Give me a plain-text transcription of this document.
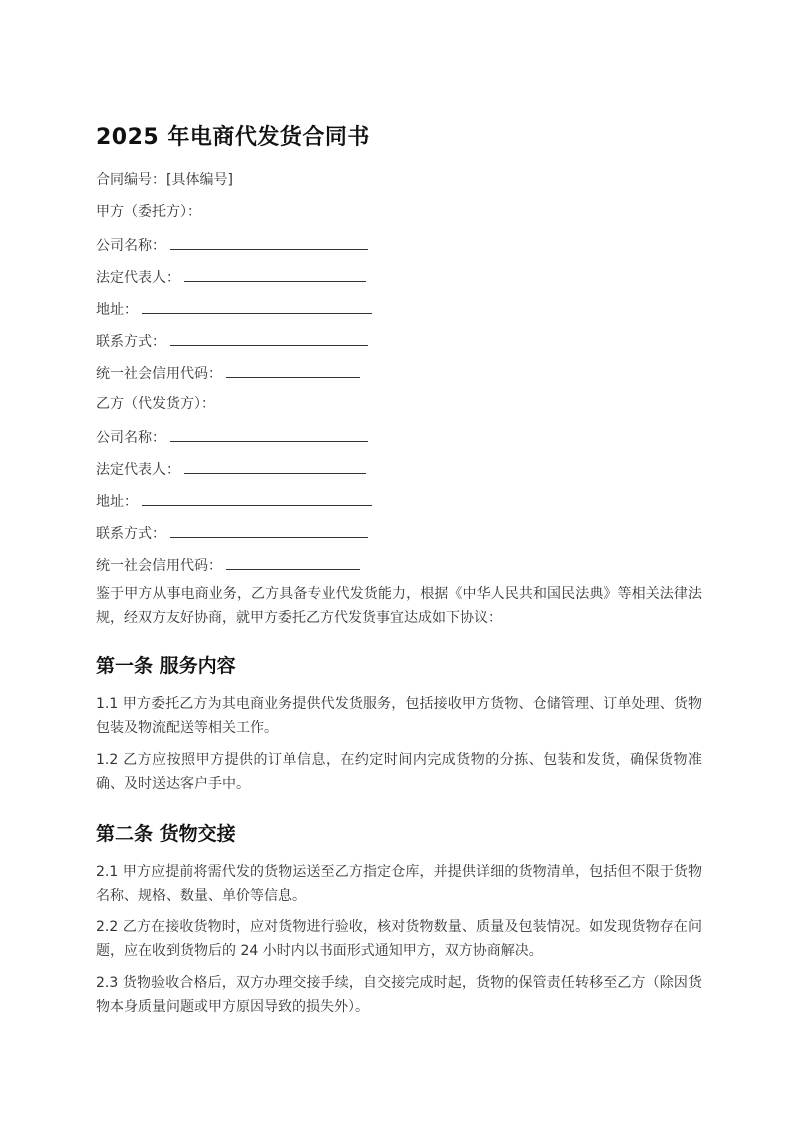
2025 年电商代发货合同书
合同编号：[具体编号]
甲方（委托方）：
公司名称：
法定代表人：
地址：
联系方式：
统一社会信用代码：
乙方（代发货方）：
公司名称：
法定代表人：
地址：
联系方式：
统一社会信用代码：
鉴于甲方从事电商业务，乙方具备专业代发货能力，根据《中华人民共和国民法典》等相关法律法规，经双方友好协商，就甲方委托乙方代发货事宜达成如下协议：
第一条 服务内容
1.1 甲方委托乙方为其电商业务提供代发货服务，包括接收甲方货物、仓储管理、订单处理、货物包装及物流配送等相关工作。
1.2 乙方应按照甲方提供的订单信息，在约定时间内完成货物的分拣、包装和发货，确保货物准确、及时送达客户手中。
第二条 货物交接
2.1 甲方应提前将需代发的货物运送至乙方指定仓库，并提供详细的货物清单，包括但不限于货物名称、规格、数量、单价等信息。
2.2 乙方在接收货物时，应对货物进行验收，核对货物数量、质量及包装情况。如发现货物存在问题，应在收到货物后的 24 小时内以书面形式通知甲方，双方协商解决。
2.3 货物验收合格后，双方办理交接手续，自交接完成时起，货物的保管责任转移至乙方（除因货物本身质量问题或甲方原因导致的损失外）。
